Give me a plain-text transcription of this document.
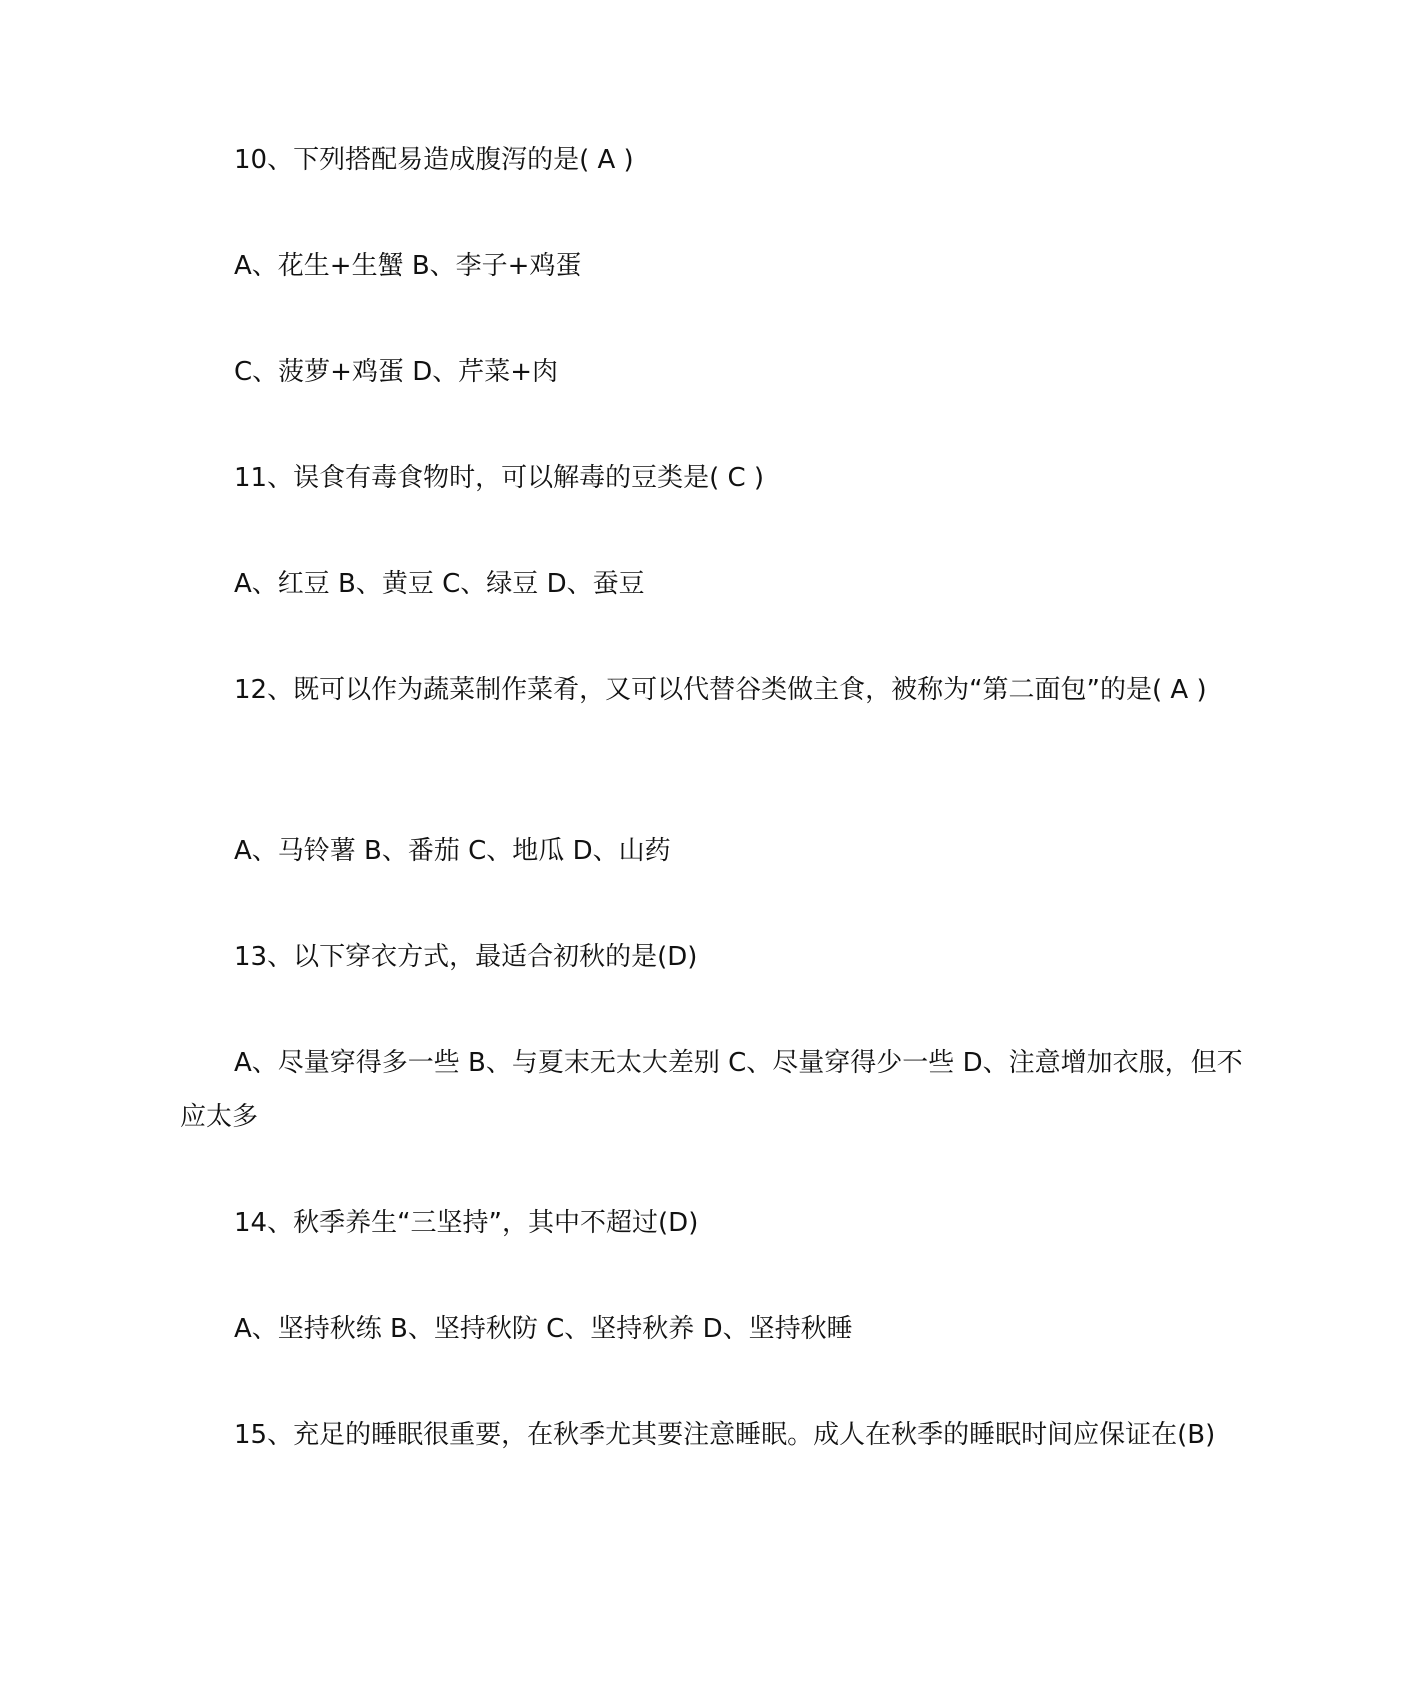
10、下列搭配易造成腹泻的是( A )

A、花生+生蟹 B、李子+鸡蛋

C、菠萝+鸡蛋 D、芹菜+肉

11、误食有毒食物时，可以解毒的豆类是( C )

A、红豆 B、黄豆 C、绿豆 D、蚕豆

12、既可以作为蔬菜制作菜肴，又可以代替谷类做主食，被称为“第二面包”的是( A )

A、马铃薯 B、番茄 C、地瓜 D、山药

13、以下穿衣方式，最适合初秋的是(D)

A、尽量穿得多一些 B、与夏末无太大差别 C、尽量穿得少一些 D、注意增加衣服，但不应太多

14、秋季养生“三坚持”，其中不超过(D)

A、坚持秋练 B、坚持秋防 C、坚持秋养 D、坚持秋睡

15、充足的睡眠很重要，在秋季尤其要注意睡眠。成人在秋季的睡眠时间应保证在(B)
